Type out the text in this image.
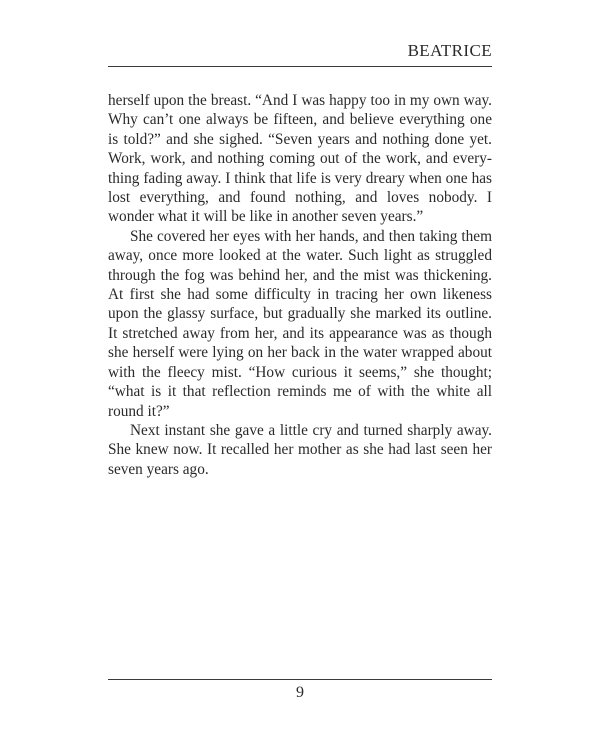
BEATRICE

herself upon the breast. “And I was happy too in my own way. Why can’t one always be fifteen, and believe everything one is told?” and she sighed. “Seven years and nothing done yet. Work, work, and nothing coming out of the work, and everything fading away. I think that life is very dreary when one has lost everything, and found nothing, and loves nobody. I wonder what it will be like in another seven years.”

She covered her eyes with her hands, and then taking them away, once more looked at the water. Such light as struggled through the fog was behind her, and the mist was thickening. At first she had some difficulty in tracing her own likeness upon the glassy surface, but gradually she marked its outline. It stretched away from her, and its appearance was as though she herself were lying on her back in the water wrapped about with the fleecy mist. “How curious it seems,” she thought; “what is it that reflection reminds me of with the white all round it?”

Next instant she gave a little cry and turned sharply away. She knew now. It recalled her mother as she had last seen her seven years ago.

9
